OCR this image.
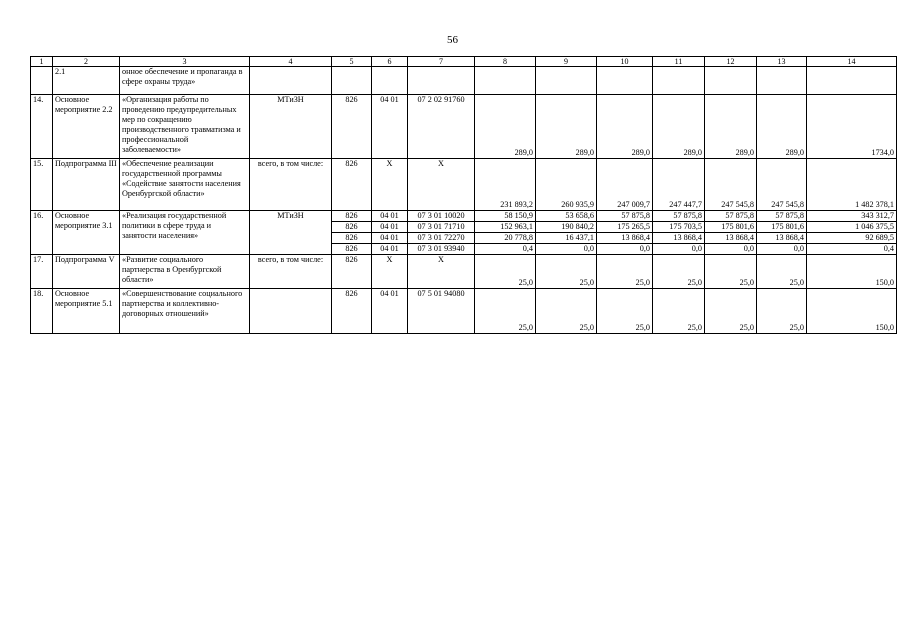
56
1	2	3	4	5	6	7	8	9	10	11	12	13	14
	2.1	онное обеспечение и пропаганда в сфере охраны труда»											
14.	Основное мероприятие 2.2	«Организация работы по проведению предупредительных мер по сокращению производственного травматизма и профессиональной заболеваемости»	МТиЗН	826	04 01	07 2 02 91760	289,0	289,0	289,0	289,0	289,0	289,0	1734,0
15.	Подпрограмма III	«Обеспечение реализации государственной программы «Содействие занятости населения Оренбургской области»	всего, в том числе:	826	X	X	231 893,2	260 935,9	247 009,7	247 447,7	247 545,8	247 545,8	1 482 378,1
16.	Основное мероприятие 3.1	«Реализация государственной политики в сфере труда и занятости населения»	МТиЗН	826	04 01	07 3 01 10020	58 150,9	53 658,6	57 875,8	57 875,8	57 875,8	57 875,8	343 312,7
				826	04 01	07 3 01 71710	152 963,1	190 840,2	175 265,5	175 703,5	175 801,6	175 801,6	1 046 375,5
				826	04 01	07 3 01 72270	20 778,8	16 437,1	13 868,4	13 868,4	13 868,4	13 868,4	92 689,5
				826	04 01	07 3 01 93940	0,4	0,0	0,0	0,0	0,0	0,0	0,4
17.	Подпрограмма V	«Развитие социального партнерства в Оренбургской области»	всего, в том числе:	826	X	X	25,0	25,0	25,0	25,0	25,0	25,0	150,0
18.	Основное мероприятие 5.1	«Совершенствование социального партнерства и коллективно-договорных отношений»		826	04 01	07 5 01 94080	25,0	25,0	25,0	25,0	25,0	25,0	150,0
